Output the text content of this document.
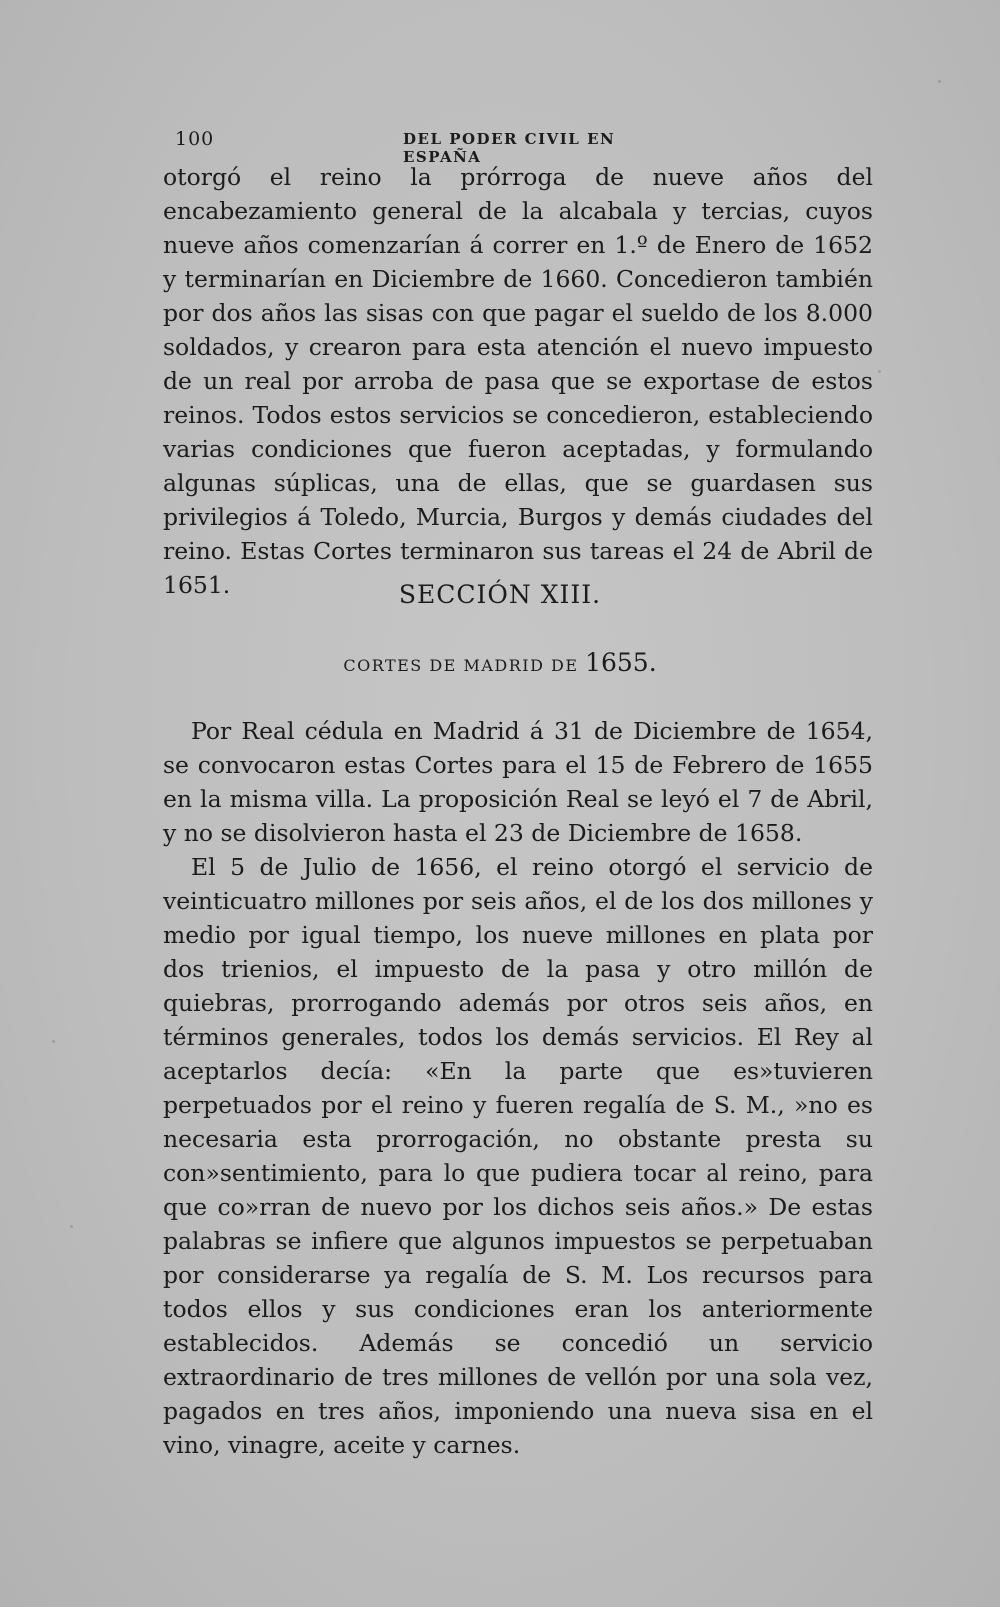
100	DEL PODER CIVIL EN ESPAÑA

otorgó el reino la prórroga de nueve años del encabezamiento general de la alcabala y tercias, cuyos nueve años comenzarían á correr en 1.º de Enero de 1652 y terminarían en Diciembre de 1660. Concedieron también por dos años las sisas con que pagar el sueldo de los 8.000 soldados, y crearon para esta atención el nuevo impuesto de un real por arroba de pasa que se exportase de estos reinos. Todos estos servicios se concedieron, estableciendo varias condiciones que fueron aceptadas, y formulando algunas súplicas, una de ellas, que se guardasen sus privilegios á Toledo, Murcia, Burgos y demás ciudades del reino. Estas Cortes terminaron sus tareas el 24 de Abril de 1651.	SECCIÓN XIII.
CORTES DE MADRID DE 1655.

Por Real cédula en Madrid á 31 de Diciembre de 1654, se convocaron estas Cortes para el 15 de Febrero de 1655 en la misma villa. La proposición Real se leyó el 7 de Abril, y no se disolvieron hasta el 23 de Diciembre de 1658.

El 5 de Julio de 1656, el reino otorgó el servicio de veinticuatro millones por seis años, el de los dos millones y medio por igual tiempo, los nueve millones en plata por dos trienios, el impuesto de la pasa y otro millón de quiebras, prorrogando además por otros seis años, en términos generales, todos los demás servicios. El Rey al aceptarlos decía: «En la parte que es»tuvieren perpetuados por el reino y fueren regalía de S. M., »no es necesaria esta prorrogación, no obstante presta su con»sentimiento, para lo que pudiera tocar al reino, para que co»rran de nuevo por los dichos seis años.» De estas palabras se infiere que algunos impuestos se perpetuaban por considerarse ya regalía de S. M. Los recursos para todos ellos y sus condiciones eran los anteriormente establecidos. Además se concedió un servicio extraordinario de tres millones de vellón por una sola vez, pagados en tres años, imponiendo una nueva sisa en el vino, vinagre, aceite y carnes.
